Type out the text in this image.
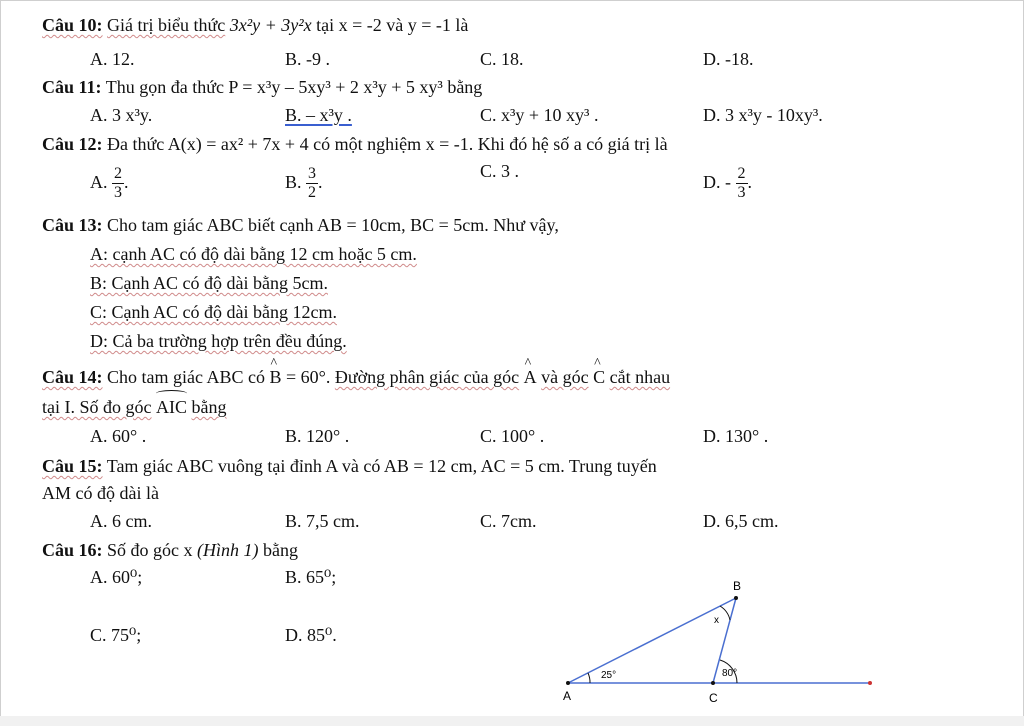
Câu 10: Giá trị biểu thức 3x²y + 3y²x tại x = -2 và y = -1 là
A. 12.	B. -9 .	C. 18.	D. -18.
Câu 11: Thu gọn đa thức P = x³y – 5xy³ + 2 x³y + 5 xy³ bằng
A. 3 x³y.	B. – x³y .	C. x³y + 10 xy³ .	D. 3 x³y - 10xy³.
Câu 12: Đa thức A(x) = ax² + 7x + 4 có một nghiệm x = -1. Khi đó hệ số a có giá trị là
A. $\frac{2}{3}$ .	B. $\frac{3}{2}$ .
C. 3 .
D. - $\frac{2}{3}$ .
Câu 13: Cho tam giác ABC biết cạnh AB = 10cm, BC = 5cm. Như vậy,
A: cạnh AC có độ dài bằng 12 cm hoặc 5 cm.
B: Cạnh AC có độ dài bằng 5cm.
C: Cạnh AC có độ dài bằng 12cm.
D: Cả ba trường hợp trên đều đúng.
Câu 14: Cho tam giác ABC có
^
B = 60°. Đường phân giác của góc
^
A và góc
^
C cắt nhau
tại I. Số đo góc AIC bằng
A. 60° .	B. 120° .	C. 100° .	D. 130° .
Câu 15: Tam giác ABC vuông tại đỉnh A và có AB = 12 cm, AC = 5 cm. Trung tuyến
AM có độ dài là
A. 6 cm.	B. 7,5 cm.	C. 7cm.	D. 6,5 cm.
Câu 16: Số đo góc x (Hình 1) bằng
A. 60⁰;	B. 65⁰;
C. 75⁰;	D. 85⁰.
A	C
B
x
25°	80°
